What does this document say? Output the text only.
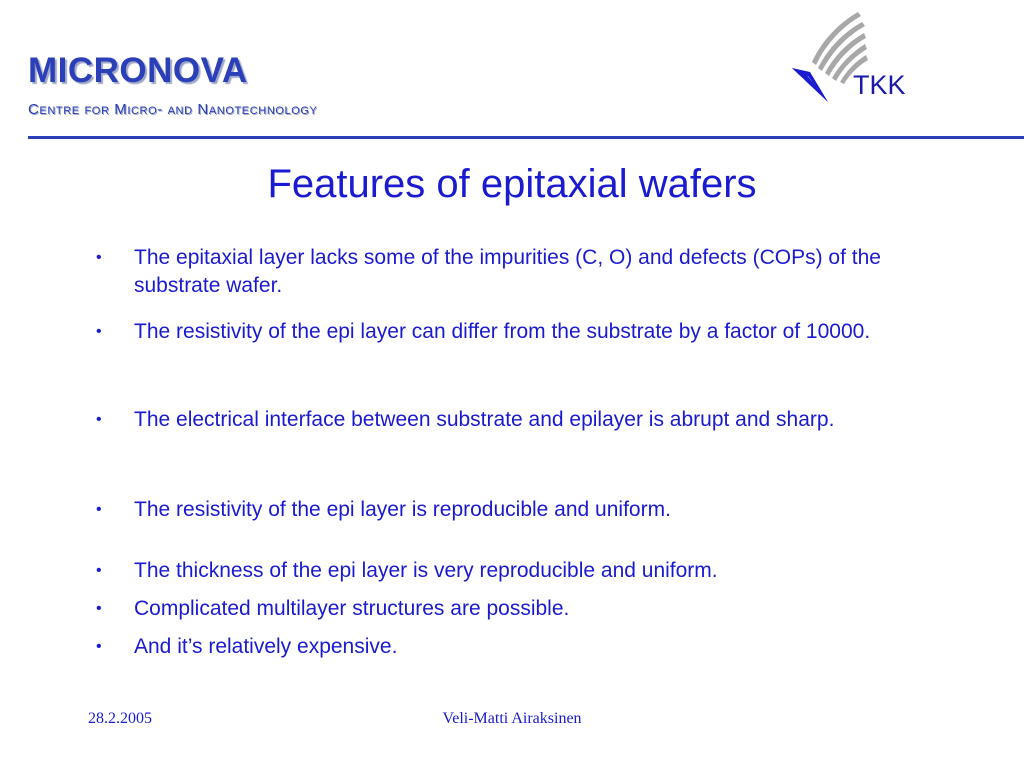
MICRONOVA
Centre for Micro- and Nanotechnology
TKK
Features of epitaxial wafers
•	The epitaxial layer lacks some of the impurities (C, O) and defects (COPs) of the substrate wafer.
•	The resistivity of the epi layer can differ from the substrate by a factor of 10000.
•	The electrical interface between substrate and epilayer is abrupt and sharp.
•	The resistivity of the epi layer is reproducible and uniform.
•	The thickness of the epi layer is very reproducible and uniform.
•	Complicated multilayer structures are possible.
•	And it’s relatively expensive.
28.2.2005	Veli-Matti Airaksinen
